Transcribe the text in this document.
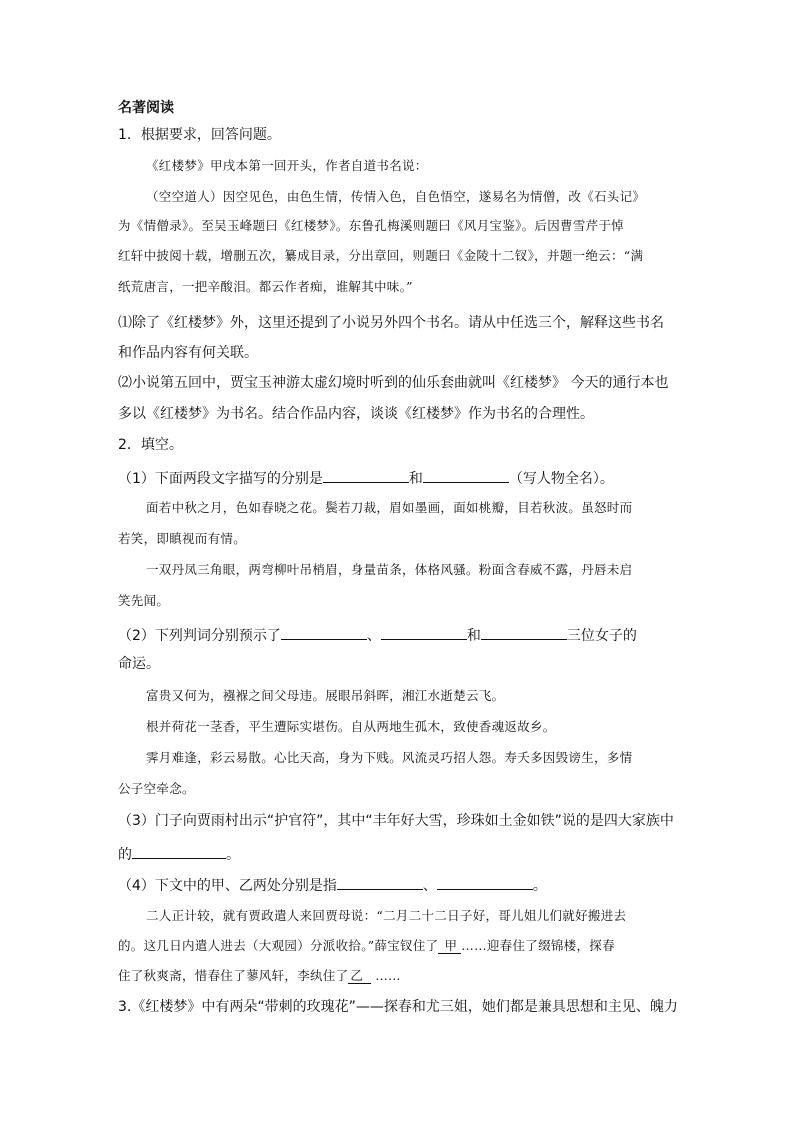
名著阅读
1．根据要求，回答问题。
《红楼梦》甲戌本第一回开头，作者自道书名说：
（空空道人）因空见色，由色生情，传情入色，自色悟空，遂易名为情僧，改《石头记》
为《情僧录》。至吴玉峰题曰《红楼梦》。东鲁孔梅溪则题曰《风月宝鉴》。后因曹雪芹于悼
红轩中披阅十载，增删五次，纂成目录，分出章回，则题曰《金陵十二钗》，并题一绝云：“满
纸荒唐言，一把辛酸泪。都云作者痴，谁解其中味。”
⑴除了《红楼梦》外，这里还提到了小说另外四个书名。请从中任选三个，解释这些书名
和作品内容有何关联。
⑵小说第五回中，贾宝玉神游太虚幻境时听到的仙乐套曲就叫《红楼梦》 今天的通行本也
多以《红楼梦》为书名。结合作品内容，谈谈《红楼梦》作为书名的合理性。
2．填空。
（1）下面两段文字描写的分别是	和	（写人物全名）。
面若中秋之月，色如春晓之花。鬓若刀裁，眉如墨画，面如桃瓣，目若秋波。虽怒时而
若笑，即瞋视而有情。
一双丹凤三角眼，两弯柳叶吊梢眉，身量苗条，体格风骚。粉面含春威不露，丹唇未启
笑先闻。
（2）下列判词分别预示了	、	和	三位女子的
命运。
富贵又何为，襁褓之间父母违。展眼吊斜晖，湘江水逝楚云飞。
根并荷花一茎香，平生遭际实堪伤。自从两地生孤木，致使香魂返故乡。
霁月难逢，彩云易散。心比天高，身为下贱。风流灵巧招人怨。寿夭多因毁谤生，多情
公子空牵念。
（3）门子向贾雨村出示“护官符”，其中“丰年好大雪，珍珠如土金如铁”说的是四大家族中
的	。
（4）下文中的甲、乙两处分别是指	、	。
二人正计较，就有贾政遣人来回贾母说：“二月二十二日子好，哥儿姐儿们就好搬进去
的。这几日内遣人进去（大观园）分派收拾。”薛宝钗住了 甲 ……迎春住了缀锦楼，探春
住了秋爽斋，惜春住了蓼风轩，李纨住了 乙 ……
3.《红楼梦》中有两朵“带刺的玫瑰花”——探春和尤三姐，她们都是兼具思想和主见、魄力
